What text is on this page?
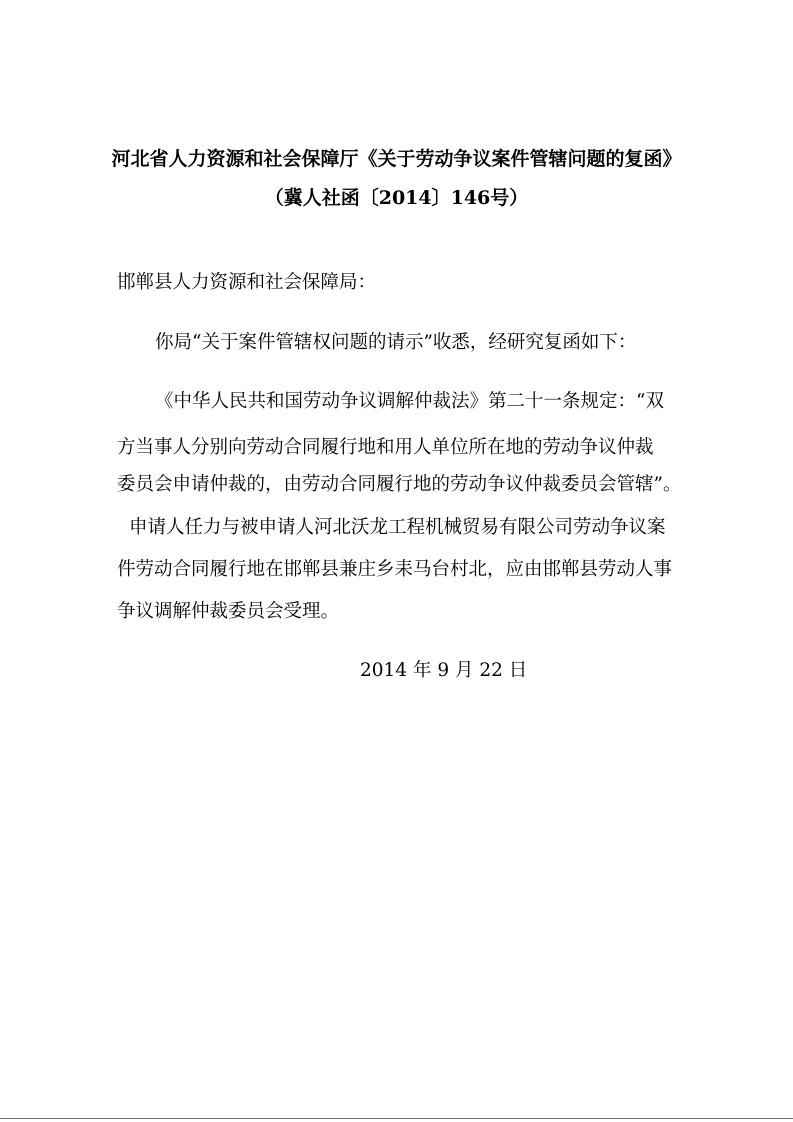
河北省人力资源和社会保障厅《关于劳动争议案件管辖问题的复函》
（冀人社函〔2014〕146号）
邯郸县人力资源和社会保障局：
你局“关于案件管辖权问题的请示”收悉，经研究复函如下：
《中华人民共和国劳动争议调解仲裁法》第二十一条规定：“双
方当事人分别向劳动合同履行地和用人单位所在地的劳动争议仲裁
委员会申请仲裁的，由劳动合同履行地的劳动争议仲裁委员会管辖”。
申请人任力与被申请人河北沃龙工程机械贸易有限公司劳动争议案
件劳动合同履行地在邯郸县兼庄乡耒马台村北，应由邯郸县劳动人事
争议调解仲裁委员会受理。
2014 年 9 月 22 日
